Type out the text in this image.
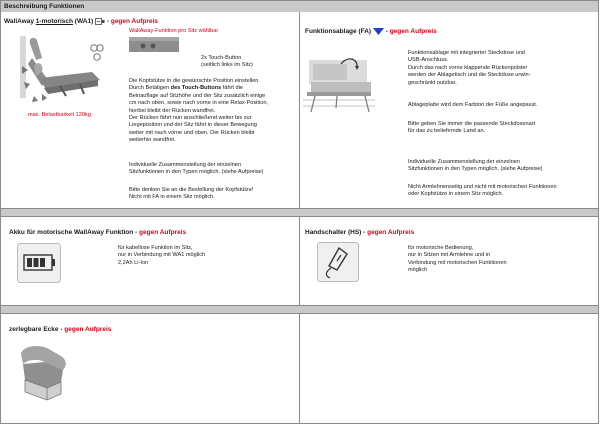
Beschreibung Funktionen
WallAway 1-motorisch (WA1)  - gegen Aufpreis
max. Belastbarkeit 120kg
WallAway-Funktion pro Sitz wählbar

2x Touch-Button

(seitlich links im Sitz)

Die Kopfstütze in die gewünschte Position einstellen.

Durch Betätigen des Touch-Buttons fährt die

Beinauflage auf Sitzhöhe und der Sitz zusätzlich einige

cm nach oben, sowie nach vorne in eine Relax-Position,

hierbei bleibt der Rücken wandfrei.

Der Rücken fährt nun anschließend weiter bis zur

Liegeposition und der Sitz fährt in dieser Bewegung

weiter mit nach vorne und oben. Der Rücken bleibt

weiterhin wandfrei.

Individuelle Zusammenstellung der einzelnen

Sitzfunktionen in den Typen möglich. (siehe Aufpreise)

Bitte denken Sie an die Bestellung der Kopfstütze!

Nicht mit FA in einem Sitz möglich.

Funktionsablage (FA)  - gegen Aufpreis

Funktionsablage mit integrierter Steckdose und

USB-Anschluss.

Durch das nach vorne klappende Rückenpolster

werden der Ablagetisch und die Steckdose urwin-

geschränkt nutzbar.

Ablageplatte wird dem Farbton der Füße angepasst.

Bitte geben Sie immer die passende Steckdosenart

für das zu beliefernde Land an.

Individuelle Zusammenstellung der einzelnen

Sitzfunktionen in den Typen möglich. (siehe Aufpreise)

Nicht Armlehnenseitig und nicht mit motorischen Funktionen

oder Kopfstütze in einem Sitz möglich.

Akku für motorische WallAway Funktion - gegen Aufpreis

für kabellose Funktion im Sitz,

nur in Verbindung mit WA1 möglich

2,2Ah Li-Ion

Handschalter (HS) - gegen Aufpreis

für motorische Bedienung,

nur in Sitzen mit Armlehne und in

Verbindung mit motorischen Funktionen

möglich

zerlegbare Ecke - gegen Aufpreis
